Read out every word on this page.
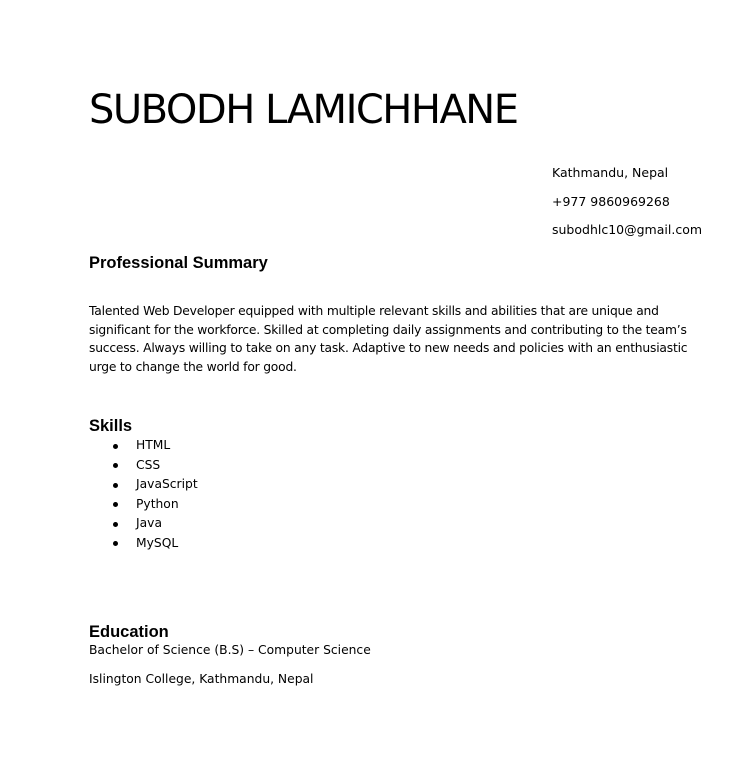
SUBODH LAMICHHANE
Kathmandu, Nepal
+977 9860969268
subodhlc10@gmail.com
Professional Summary

Talented Web Developer equipped with multiple relevant skills and abilities that are unique and significant for the workforce. Skilled at completing daily assignments and contributing to the team’s success. Always willing to take on any task. Adaptive to new needs and policies with an enthusiastic urge to change the world for good.

Skills
HTML
CSS
JavaScript
Python
Java
MySQL
Education

Bachelor of Science (B.S) – Computer Science

Islington College, Kathmandu, Nepal
